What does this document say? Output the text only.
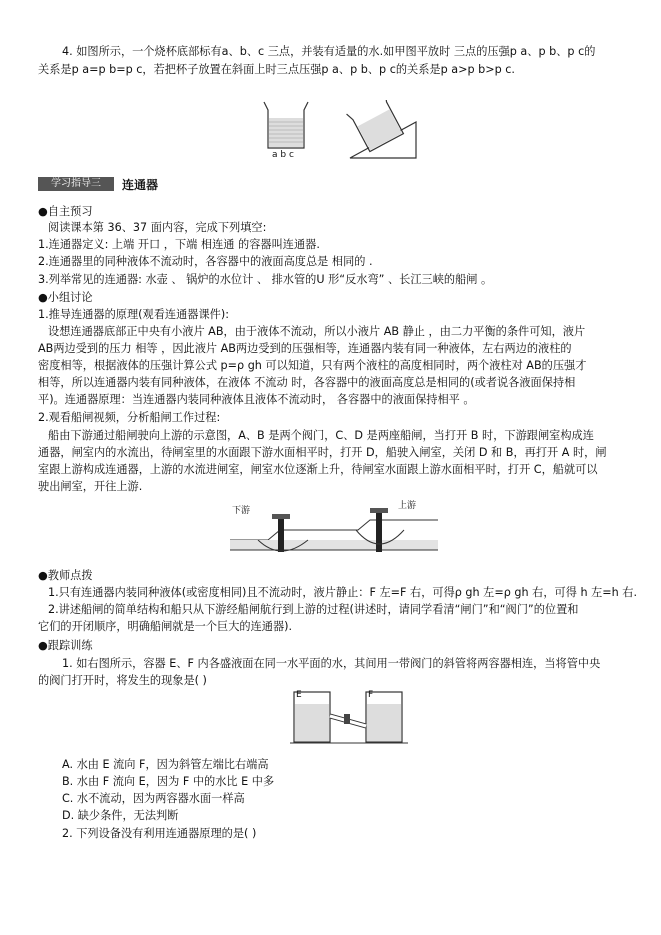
4. 如图所示，一个烧杯底部标有a、b、c 三点，并装有适量的水.如甲图平放时 三点的压强p a、p b、p c的
关系是p a=p b=p c，若把杯子放置在斜面上时三点压强p a、p b、p c的关系是p a>p b>p c.
a b c
学习指导三	连通器
●自主预习
阅读课本第 36、37 面内容，完成下列填空:
1.连通器定义: 上端 开口 ，下端 相连通 的容器叫连通器.
2.连通器里的同种液体不流动时，各容器中的液面高度总是 相同的 .
3.列举常见的连通器: 水壶 、 锅炉的水位计 、 排水管的U 形“反水弯” 、长江三峡的船闸 。
●小组讨论
1.推导连通器的原理(观看连通器课件):
设想连通器底部正中央有小液片 AB，由于液体不流动，所以小液片 AB 静止 ，由二力平衡的条件可知，液片
AB两边受到的压力 相等 ，因此液片 AB两边受到的压强相等，连通器内装有同一种液体，左右两边的液柱的
密度相等，根据液体的压强计算公式 p=ρ gh 可以知道，只有两个液柱的高度相同时，两个液柱对 AB的压强才
相等，所以连通器内装有同种液体，在液体 不流动 时，各容器中的液面高度总是相同的(或者说各液面保持相
平)。连通器原理：当连通器内装同种液体且液体不流动时， 各容器中的液面保持相平 。
2.观看船闸视频，分析船闸工作过程:
船由下游通过船闸驶向上游的示意图，A、B 是两个阀门，C、D 是两座船闸，当打开 B 时，下游跟闸室构成连
通器，闸室内的水流出，待闸室里的水面跟下游水面相平时，打开 D，船驶入闸室，关闭 D 和 B，再打开 A 时，闸
室跟上游构成连通器，上游的水流进闸室，闸室水位逐渐上升，待闸室水面跟上游水面相平时，打开 C，船就可以
驶出闸室，开往上游.
下游	上游
●教师点拨
1.只有连通器内装同种液体(或密度相同)且不流动时，液片静止：F 左=F 右，可得ρ gh 左=ρ gh 右，可得 h 左=h 右.
2.讲述船闸的简单结构和船只从下游经船闸航行到上游的过程(讲述时，请同学看清“闸门”和“阀门”的位置和
它们的开闭顺序，明确船闸就是一个巨大的连通器).
●跟踪训练
1. 如右图所示，容器 E、F 内各盛液面在同一水平面的水，其间用一带阀门的斜管将两容器相连，当将管中央
的阀门打开时，将发生的现象是( )
E	F
A. 水由 E 流向 F，因为斜管左端比右端高
B. 水由 F 流向 E，因为 F 中的水比 E 中多
C. 水不流动，因为两容器水面一样高
D. 缺少条件，无法判断
2. 下列设备没有利用连通器原理的是( )
